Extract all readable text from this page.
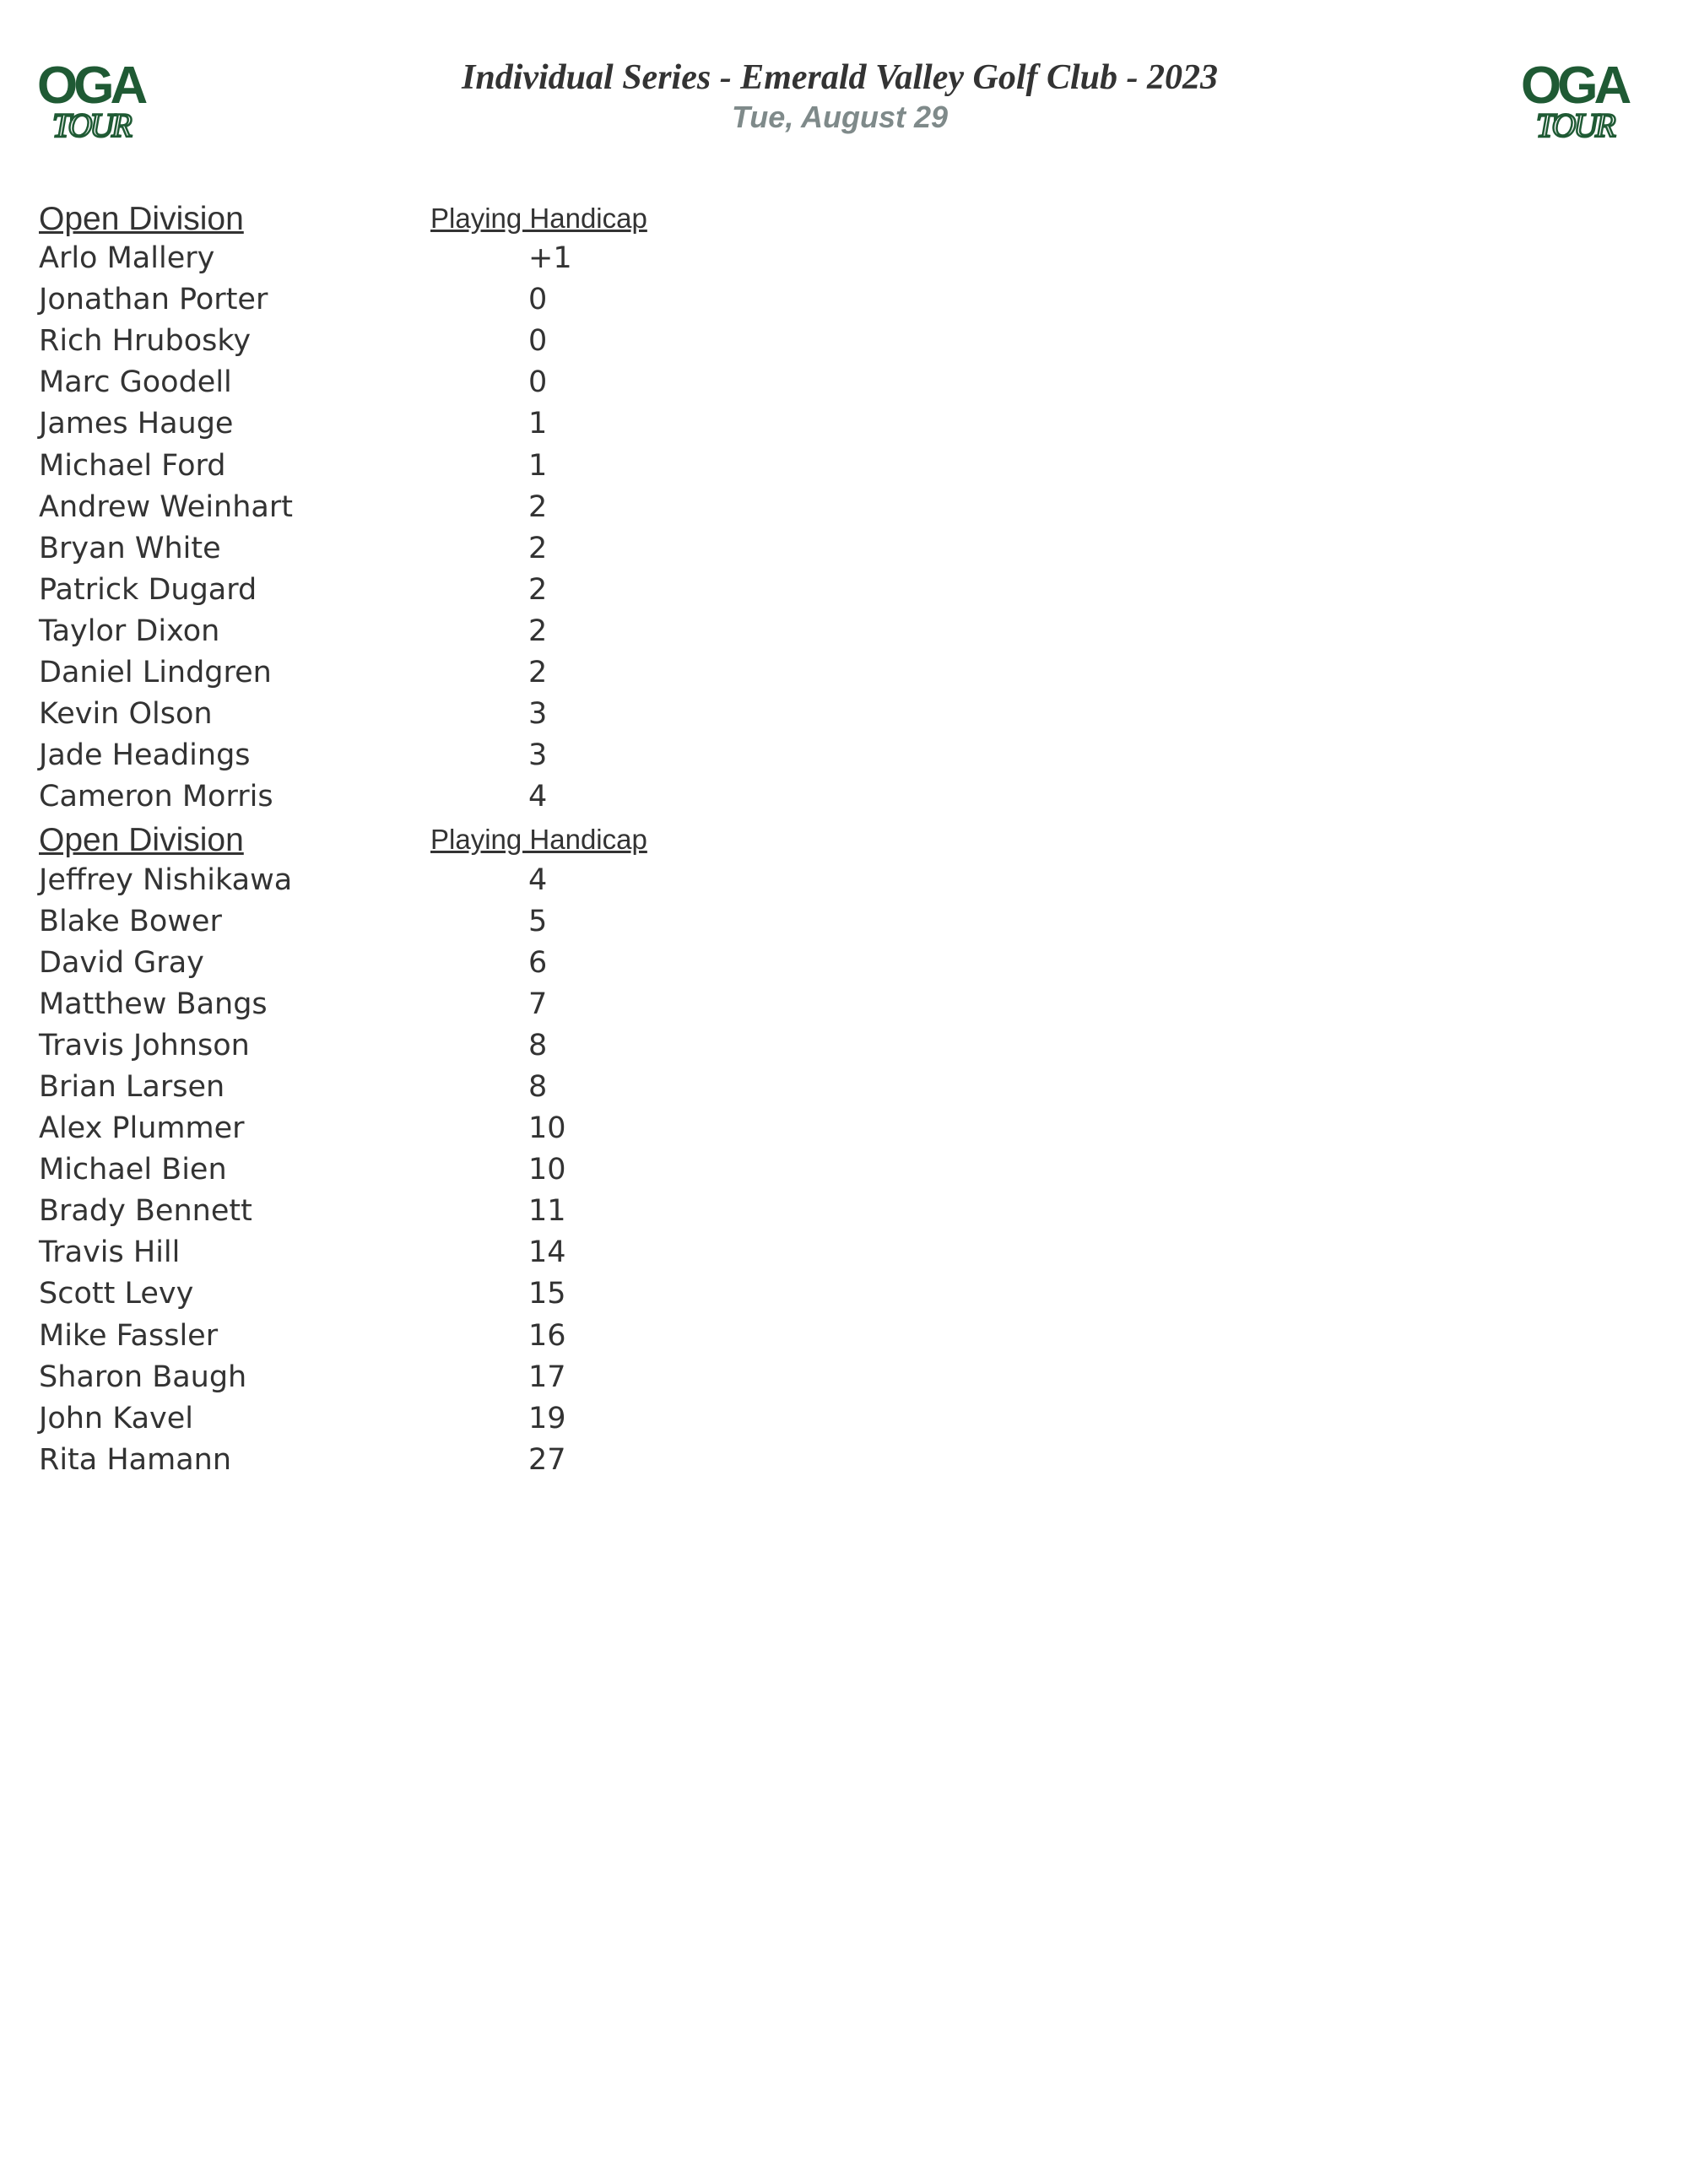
OGA
TOUR
Individual Series - Emerald Valley Golf Club - 2023
Tue, August 29
OGA
TOUR
Open Division	Playing Handicap
Arlo Mallery	+1
Jonathan Porter	0
Rich Hrubosky	0
Marc Goodell	0
James Hauge	1
Michael Ford	1
Andrew Weinhart	2
Bryan White	2
Patrick Dugard	2
Taylor Dixon	2
Daniel Lindgren	2
Kevin Olson	3
Jade Headings	3
Cameron Morris	4
Open Division	Playing Handicap
Jeffrey Nishikawa	4
Blake Bower	5
David Gray	6
Matthew Bangs	7
Travis Johnson	8
Brian Larsen	8
Alex Plummer	10
Michael Bien	10
Brady Bennett	11
Travis Hill	14
Scott Levy	15
Mike Fassler	16
Sharon Baugh	17
John Kavel	19
Rita Hamann	27
